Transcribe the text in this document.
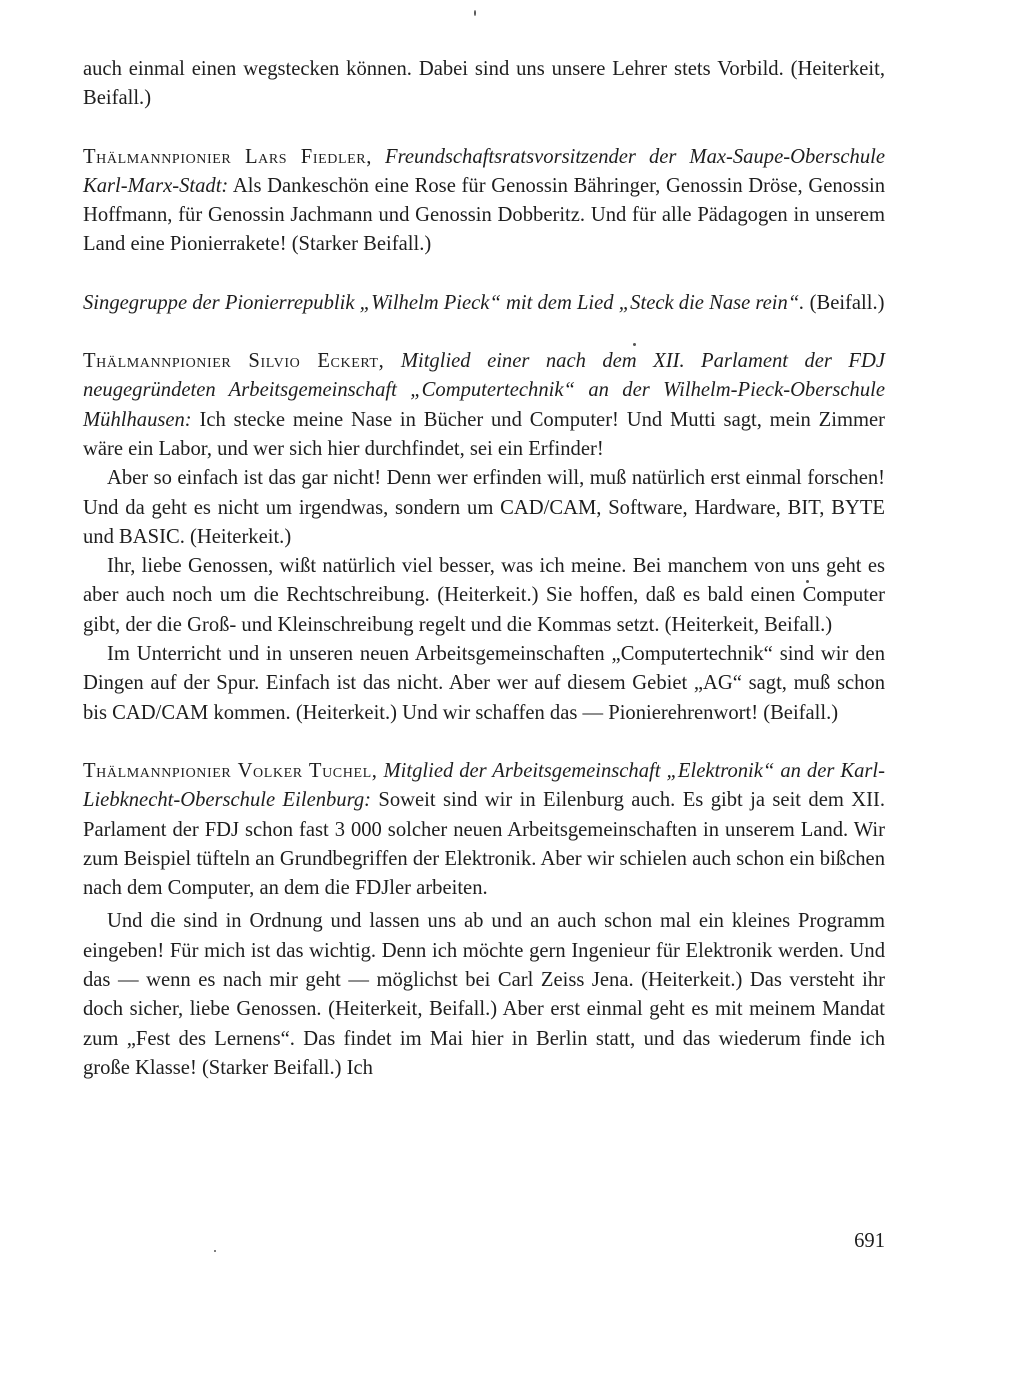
auch einmal einen wegstecken können. Dabei sind uns unsere Lehrer stets Vorbild. (Heiterkeit, Beifall.)

Thälmannpionier Lars Fiedler, Freundschaftsratsvorsitzender der Max-Saupe-Oberschule Karl-Marx-Stadt: Als Dankeschön eine Rose für Genossin Bähringer, Genossin Dröse, Genossin Hoffmann, für Genossin Jachmann und Genossin Dobberitz. Und für alle Pädagogen in unserem Land eine Pionierrakete! (Starker Beifall.)

Singegruppe der Pionierrepublik „Wilhelm Pieck“ mit dem Lied „Steck die Nase rein“. (Beifall.)

Thälmannpionier Silvio Eckert, Mitglied einer nach dem XII. Parlament der FDJ neugegründeten Arbeitsgemeinschaft „Computertechnik“ an der Wilhelm-Pieck-Oberschule Mühlhausen: Ich stecke meine Nase in Bücher und Computer! Und Mutti sagt, mein Zimmer wäre ein Labor, und wer sich hier durchfindet, sei ein Erfinder!

Aber so einfach ist das gar nicht! Denn wer erfinden will, muß natürlich erst einmal forschen! Und da geht es nicht um irgendwas, sondern um CAD/CAM, Software, Hardware, BIT, BYTE und BASIC. (Heiterkeit.)

Ihr, liebe Genossen, wißt natürlich viel besser, was ich meine. Bei manchem von uns geht es aber auch noch um die Rechtschreibung. (Heiterkeit.) Sie hoffen, daß es bald einen Computer gibt, der die Groß- und Kleinschreibung regelt und die Kommas setzt. (Heiterkeit, Beifall.)

Im Unterricht und in unseren neuen Arbeitsgemeinschaften „Computertechnik“ sind wir den Dingen auf der Spur. Einfach ist das nicht. Aber wer auf diesem Gebiet „AG“ sagt, muß schon bis CAD/CAM kommen. (Heiterkeit.) Und wir schaffen das — Pionierehrenwort! (Beifall.)

Thälmannpionier Volker Tuchel, Mitglied der Arbeitsgemeinschaft „Elektronik“ an der Karl-Liebknecht-Oberschule Eilenburg: Soweit sind wir in Eilenburg auch. Es gibt ja seit dem XII. Parlament der FDJ schon fast 3 000 solcher neuen Arbeitsgemeinschaften in unserem Land. Wir zum Beispiel tüfteln an Grundbegriffen der Elektronik. Aber wir schielen auch schon ein bißchen nach dem Computer, an dem die FDJler arbeiten.

Und die sind in Ordnung und lassen uns ab und an auch schon mal ein kleines Programm eingeben! Für mich ist das wichtig. Denn ich möchte gern Ingenieur für Elektronik werden. Und das — wenn es nach mir geht — möglichst bei Carl Zeiss Jena. (Heiterkeit.) Das versteht ihr doch sicher, liebe Genossen. (Heiterkeit, Beifall.) Aber erst einmal geht es mit meinem Mandat zum „Fest des Lernens“. Das findet im Mai hier in Berlin statt, und das wiederum finde ich große Klasse! (Starker Beifall.) Ich

691
